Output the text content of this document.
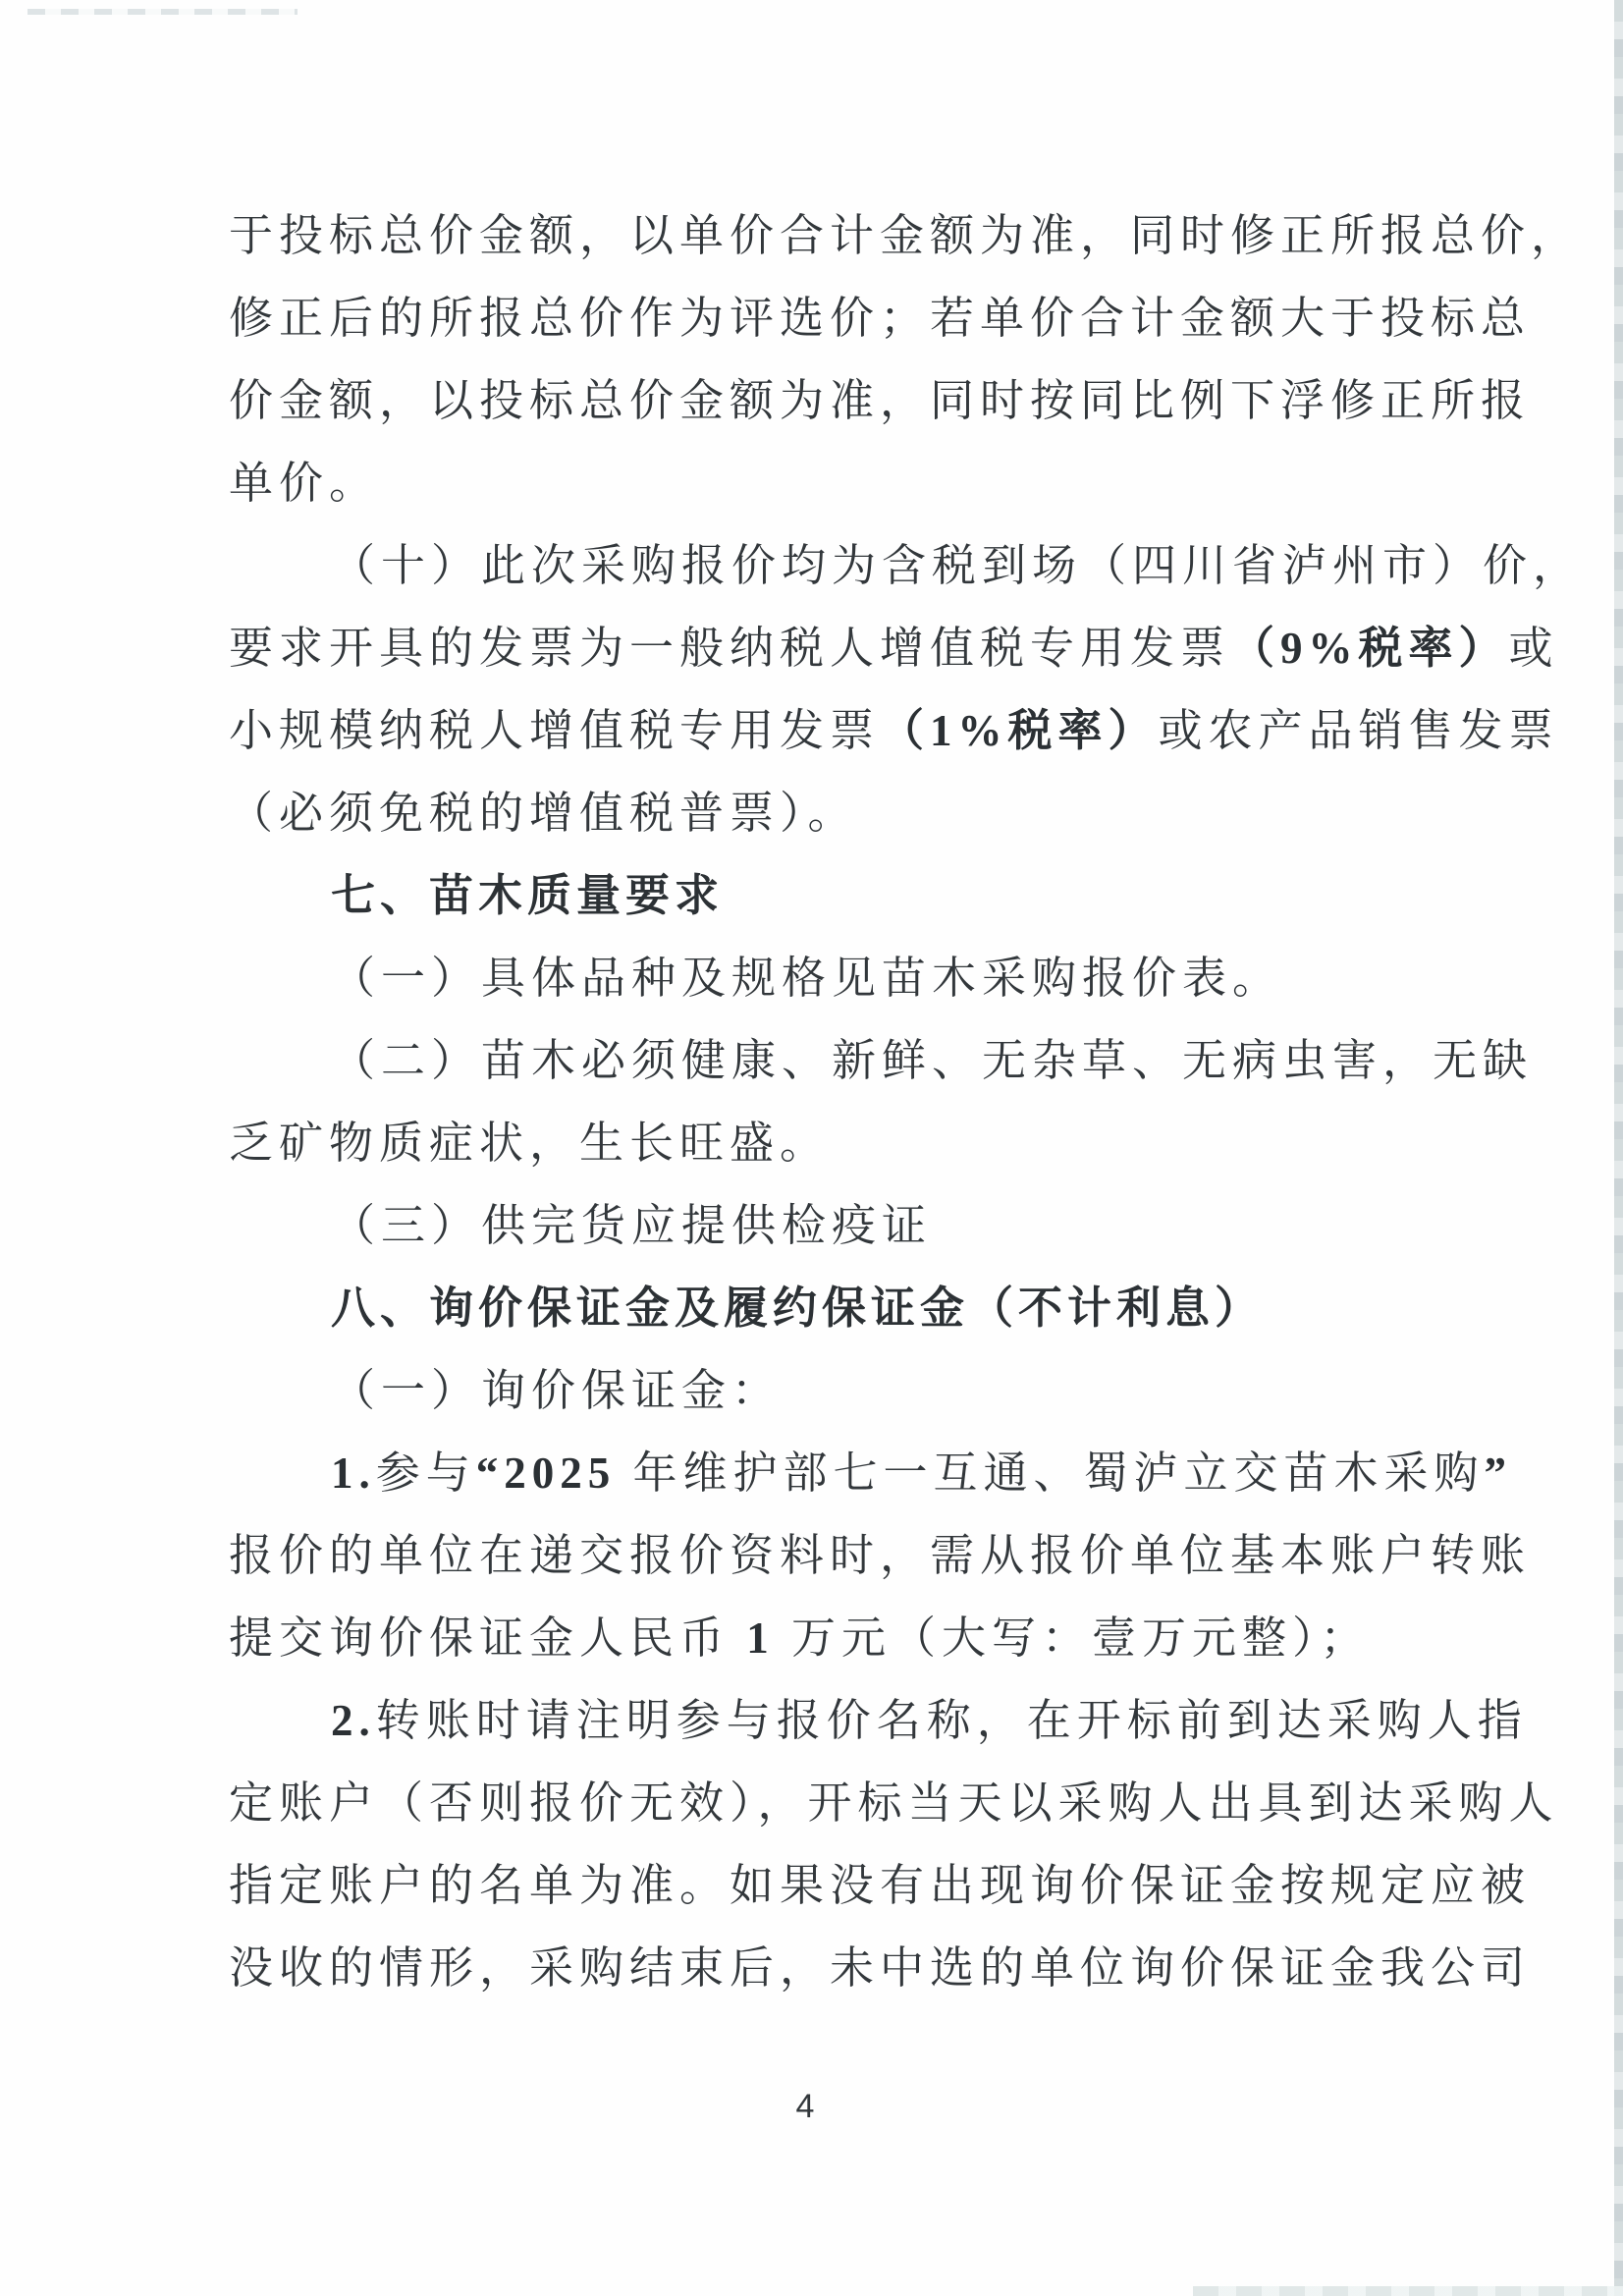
于投标总价金额，以单价合计金额为准，同时修正所报总价，
修正后的所报总价作为评选价；若单价合计金额大于投标总
价金额，以投标总价金额为准，同时按同比例下浮修正所报
单价。
（十）此次采购报价均为含税到场（四川省泸州市）价，
要求开具的发票为一般纳税人增值税专用发票（9%税率）或
小规模纳税人增值税专用发票（1%税率）或农产品销售发票
（必须免税的增值税普票）。
七、苗木质量要求
（一）具体品种及规格见苗木采购报价表。
（二）苗木必须健康、新鲜、无杂草、无病虫害，无缺
乏矿物质症状，生长旺盛。
（三）供完货应提供检疫证
八、询价保证金及履约保证金（不计利息）
（一）询价保证金：
1.参与“2025 年维护部七一互通、蜀泸立交苗木采购”
报价的单位在递交报价资料时，需从报价单位基本账户转账
提交询价保证金人民币 1 万元（大写：壹万元整）；
2.转账时请注明参与报价名称，在开标前到达采购人指
定账户（否则报价无效），开标当天以采购人出具到达采购人
指定账户的名单为准。如果没有出现询价保证金按规定应被
没收的情形，采购结束后，未中选的单位询价保证金我公司
4
